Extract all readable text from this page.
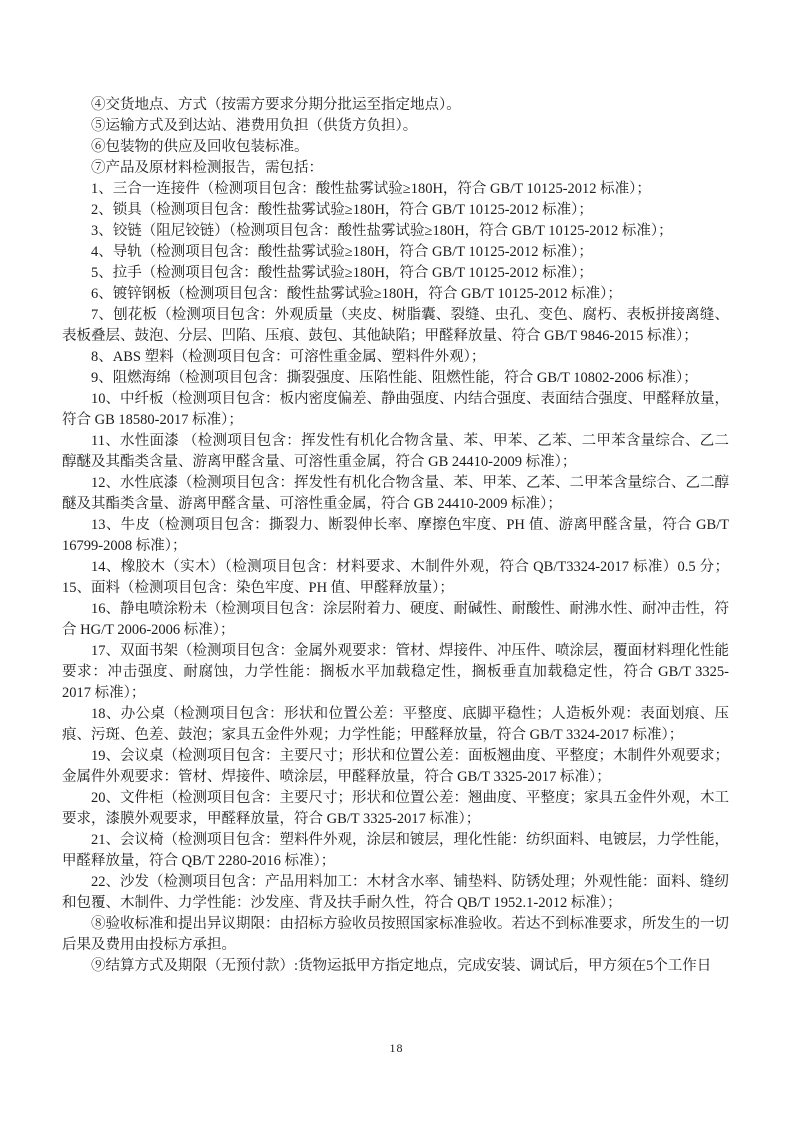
④交货地点、方式（按需方要求分期分批运至指定地点）。

⑤运输方式及到达站、港费用负担（供货方负担）。

⑥包装物的供应及回收包装标准。

⑦产品及原材料检测报告，需包括：

1、三合一连接件（检测项目包含：酸性盐雾试验≥180H，符合 GB/T 10125-2012 标准）；

2、锁具（检测项目包含：酸性盐雾试验≥180H，符合 GB/T 10125-2012 标准）；

3、铰链（阻尼铰链）（检测项目包含：酸性盐雾试验≥180H，符合 GB/T 10125-2012 标准）；

4、导轨（检测项目包含：酸性盐雾试验≥180H，符合 GB/T 10125-2012 标准）；

5、拉手（检测项目包含：酸性盐雾试验≥180H，符合 GB/T 10125-2012 标准）；

6、镀锌钢板（检测项目包含：酸性盐雾试验≥180H，符合 GB/T 10125-2012 标准）；

7、刨花板（检测项目包含：外观质量（夹皮、树脂囊、裂缝、虫孔、变色、腐朽、表板拼接离缝、表板叠层、鼓泡、分层、凹陷、压痕、鼓包、其他缺陷；甲醛释放量、符合 GB/T 9846-2015 标准）；

8、ABS 塑料（检测项目包含：可溶性重金属、塑料件外观）；

9、阻燃海绵（检测项目包含：撕裂强度、压陷性能、阻燃性能，符合 GB/T 10802-2006 标准）；

10、中纤板（检测项目包含：板内密度偏差、静曲强度、内结合强度、表面结合强度、甲醛释放量，符合 GB 18580-2017 标准）；

11、水性面漆 （检测项目包含：挥发性有机化合物含量、苯、甲苯、乙苯、二甲苯含量综合、乙二醇醚及其酯类含量、游离甲醛含量、可溶性重金属，符合 GB 24410-2009 标准）；

12、水性底漆（检测项目包含：挥发性有机化合物含量、苯、甲苯、乙苯、二甲苯含量综合、乙二醇醚及其酯类含量、游离甲醛含量、可溶性重金属，符合 GB 24410-2009 标准）；

13、牛皮（检测项目包含：撕裂力、断裂伸长率、摩擦色牢度、PH 值、游离甲醛含量，符合 GB/T 16799-2008 标准）；

14、橡胶木（实木）（检测项目包含：材料要求、木制件外观，符合 QB/T3324-2017 标准）0.5 分；15、面料（检测项目包含：染色牢度、PH 值、甲醛释放量）；

16、静电喷涂粉未（检测项目包含：涂层附着力、硬度、耐碱性、耐酸性、耐沸水性、耐冲击性，符合 HG/T 2006-2006 标准）；

17、双面书架（检测项目包含：金属外观要求：管材、焊接件、冲压件、喷涂层，覆面材料理化性能要求：冲击强度、耐腐蚀，力学性能：搁板水平加载稳定性，搁板垂直加载稳定性，符合 GB/T 3325-2017 标准）；

18、办公桌（检测项目包含：形状和位置公差：平整度、底脚平稳性；人造板外观：表面划痕、压痕、污斑、色差、鼓泡；家具五金件外观；力学性能；甲醛释放量，符合 GB/T 3324-2017 标准）；

19、会议桌（检测项目包含：主要尺寸；形状和位置公差：面板翘曲度、平整度；木制件外观要求；金属件外观要求：管材、焊接件、喷涂层，甲醛释放量，符合 GB/T 3325-2017 标准）；

20、文件柜（检测项目包含：主要尺寸；形状和位置公差：翘曲度、平整度；家具五金件外观，木工要求，漆膜外观要求，甲醛释放量，符合 GB/T 3325-2017 标准）；

21、会议椅（检测项目包含：塑料件外观，涂层和镀层，理化性能：纺织面料、电镀层，力学性能，甲醛释放量，符合 QB/T 2280-2016 标准）；

22、沙发（检测项目包含：产品用料加工：木材含水率、铺垫料、防锈处理；外观性能：面料、缝纫和包覆、木制件、力学性能：沙发座、背及扶手耐久性，符合 QB/T 1952.1-2012 标准）；

⑧验收标准和提出异议期限：由招标方验收员按照国家标准验收。若达不到标准要求，所发生的一切后果及费用由投标方承担。

⑨结算方式及期限（无预付款）:货物运抵甲方指定地点，完成安装、调试后，甲方须在5个工作日

18
